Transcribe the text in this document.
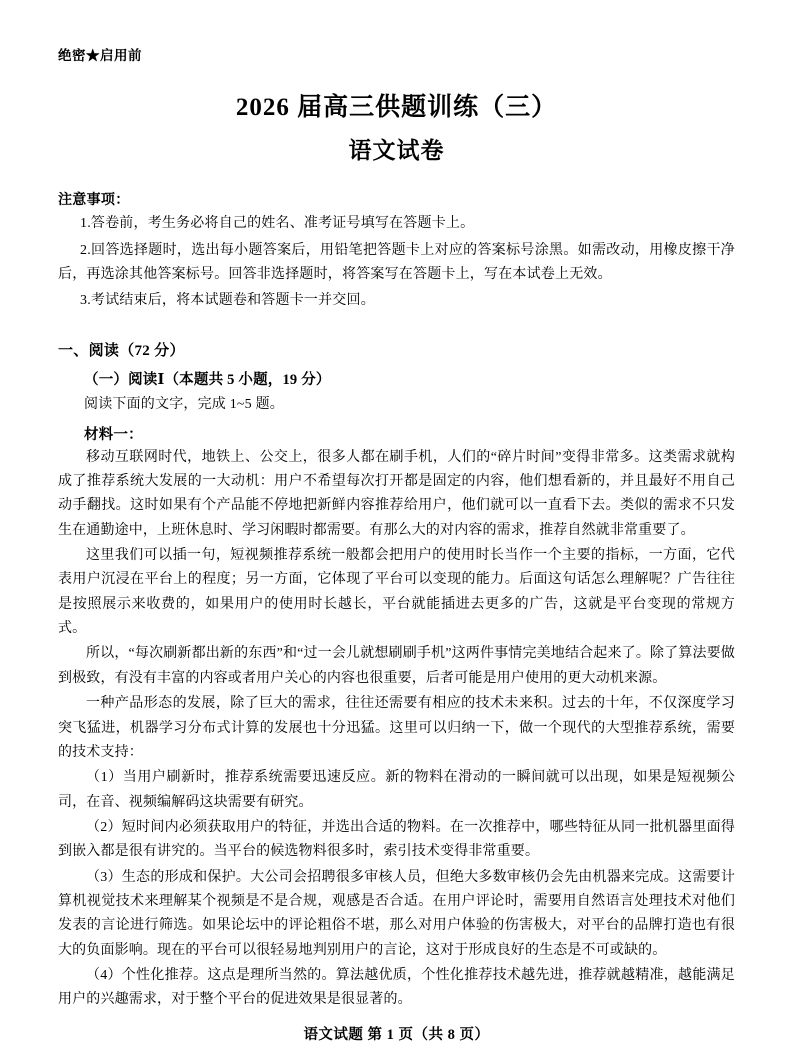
绝密★启用前
2026 届高三供题训练（三）
语文试卷
注意事项：

1.答卷前，考生务必将自己的姓名、准考证号填写在答题卡上。

2.回答选择题时，选出每小题答案后，用铅笔把答题卡上对应的答案标号涂黑。如需改动，用橡皮擦干净后，再选涂其他答案标号。回答非选择题时，将答案写在答题卡上，写在本试卷上无效。

3.考试结束后，将本试题卷和答题卡一并交回。

一、阅读（72 分）
（一）阅读Ⅰ（本题共 5 小题，19 分）

阅读下面的文字，完成 1~5 题。

材料一：

移动互联网时代，地铁上、公交上，很多人都在刷手机，人们的“碎片时间”变得非常多。这类需求就构成了推荐系统大发展的一大动机：用户不希望每次打开都是固定的内容，他们想看新的，并且最好不用自己动手翻找。这时如果有个产品能不停地把新鲜内容推荐给用户，他们就可以一直看下去。类似的需求不只发生在通勤途中，上班休息时、学习闲暇时都需要。有那么大的对内容的需求，推荐自然就非常重要了。

这里我们可以插一句，短视频推荐系统一般都会把用户的使用时长当作一个主要的指标，一方面，它代表用户沉浸在平台上的程度；另一方面，它体现了平台可以变现的能力。后面这句话怎么理解呢？广告往往是按照展示来收费的，如果用户的使用时长越长，平台就能插进去更多的广告，这就是平台变现的常规方式。

所以，“每次刷新都出新的东西”和“过一会儿就想刷刷手机”这两件事情完美地结合起来了。除了算法要做到极致，有没有丰富的内容或者用户关心的内容也很重要，后者可能是用户使用的更大动机来源。

一种产品形态的发展，除了巨大的需求，往往还需要有相应的技术未来积。过去的十年，不仅深度学习突飞猛进，机器学习分布式计算的发展也十分迅猛。这里可以归纳一下，做一个现代的大型推荐系统，需要的技术支持：

（1）当用户刷新时，推荐系统需要迅速反应。新的物料在滑动的一瞬间就可以出现，如果是短视频公司，在音、视频编解码这块需要有研究。

（2）短时间内必须获取用户的特征，并选出合适的物料。在一次推荐中，哪些特征从同一批机器里面得到嵌入都是很有讲究的。当平台的候选物料很多时，索引技术变得非常重要。

（3）生态的形成和保护。大公司会招聘很多审核人员，但绝大多数审核仍会先由机器来完成。这需要计算机视觉技术来理解某个视频是不是合规，观感是否合适。在用户评论时，需要用自然语言处理技术对他们发表的言论进行筛选。如果论坛中的评论粗俗不堪，那么对用户体验的伤害极大，对平台的品牌打造也有很大的负面影响。现在的平台可以很轻易地判别用户的言论，这对于形成良好的生态是不可或缺的。

（4）个性化推荐。这点是理所当然的。算法越优质，个性化推荐技术越先进，推荐就越精准，越能满足用户的兴趣需求，对于整个平台的促进效果是很显著的。

语文试题 第 1 页（共 8 页）
